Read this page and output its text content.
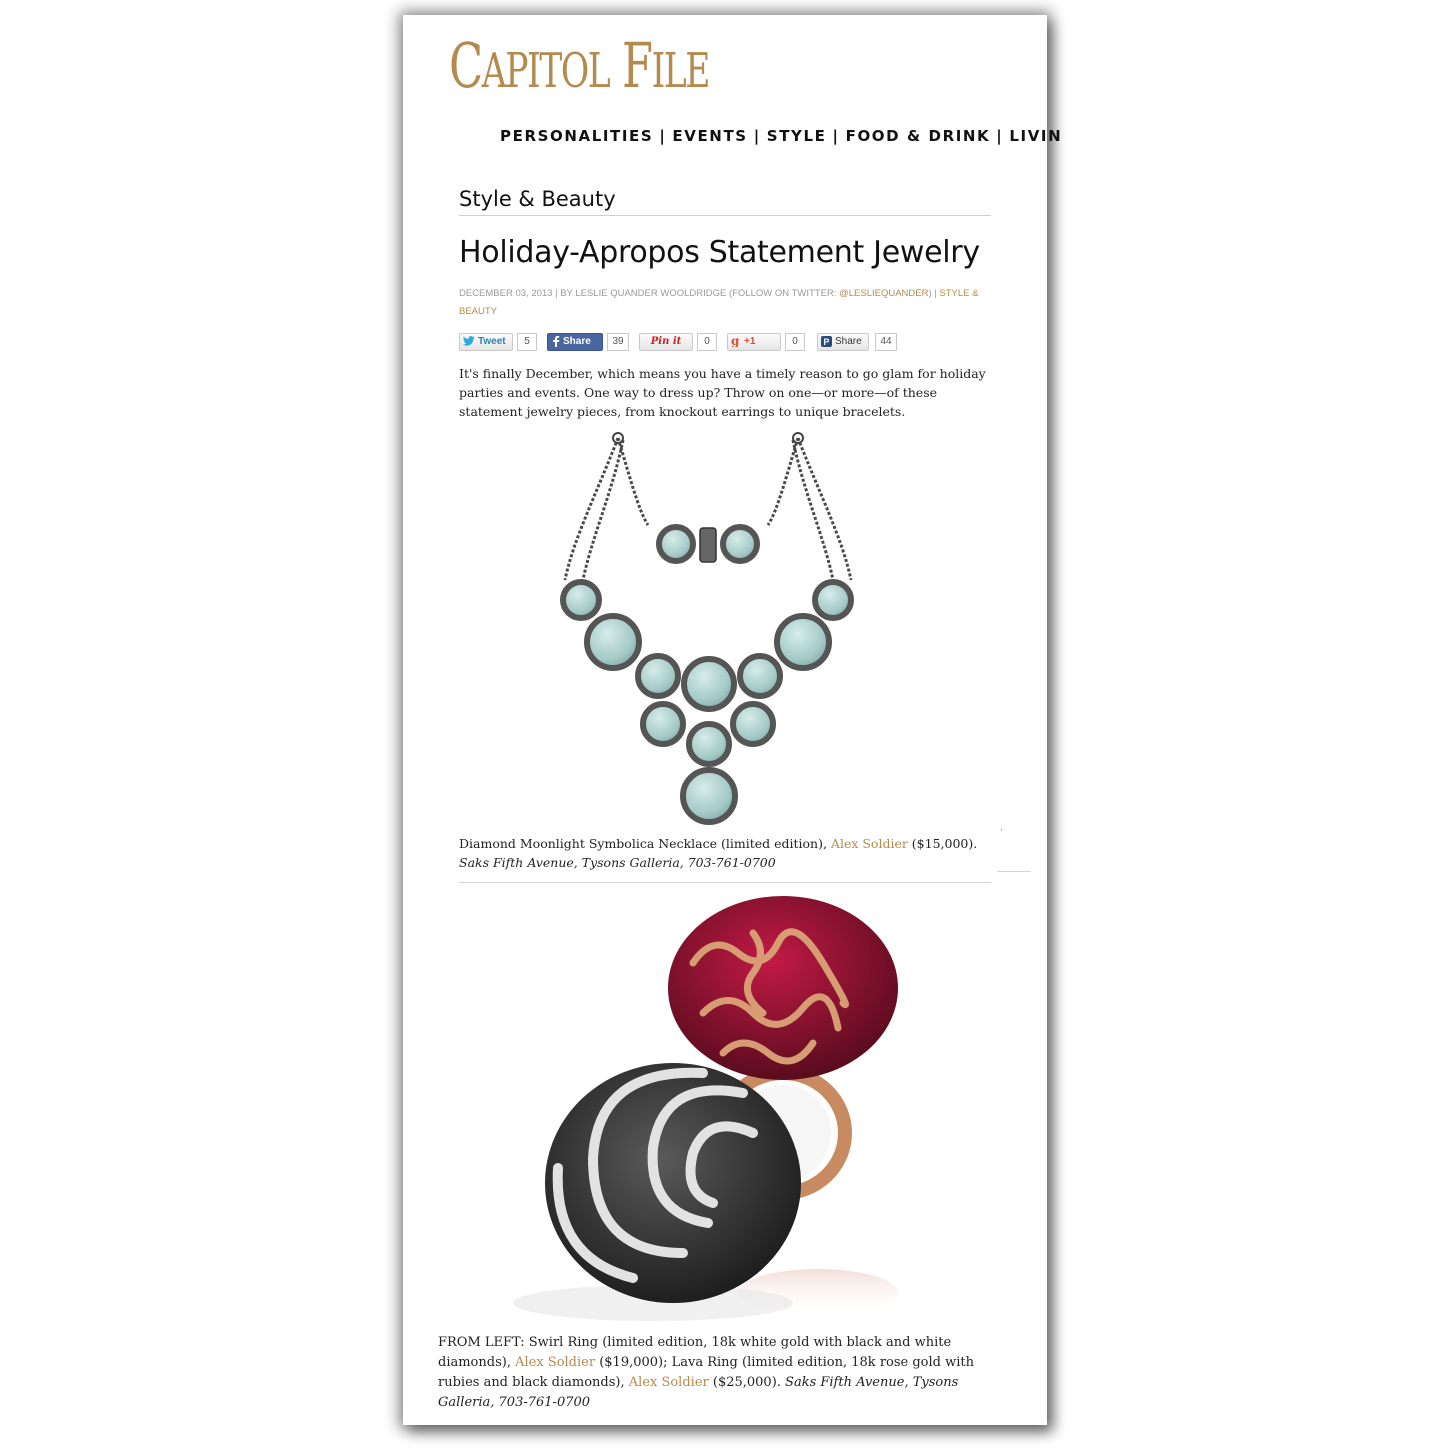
CAPITOL FILE
PERSONALITIES | EVENTS | STYLE | FOOD & DRINK | LIVIN
Style & Beauty
Holiday-Apropos Statement Jewelry
DECEMBER 03, 2013 | BY LESLIE QUANDER WOOLDRIDGE (FOLLOW ON TWITTER: @LESLIEQUANDER) | STYLE & BEAUTY
Tweet	5	Share	39	Pin it	0	g +1	0	P Share	44
It's finally December, which means you have a timely reason to go glam for holiday parties and events. One way to dress up? Throw on one—or more—of these statement jewelry pieces, from knockout earrings to unique bracelets.
˒
Diamond Moonlight Symbolica Necklace (limited edition), Alex Soldier ($15,000). Saks Fifth Avenue, Tysons Galleria, 703-761-0700
FROM LEFT: Swirl Ring (limited edition, 18k white gold with black and white diamonds), Alex Soldier ($19,000); Lava Ring (limited edition, 18k rose gold with rubies and black diamonds), Alex Soldier ($25,000). Saks Fifth Avenue, Tysons Galleria, 703-761-0700
